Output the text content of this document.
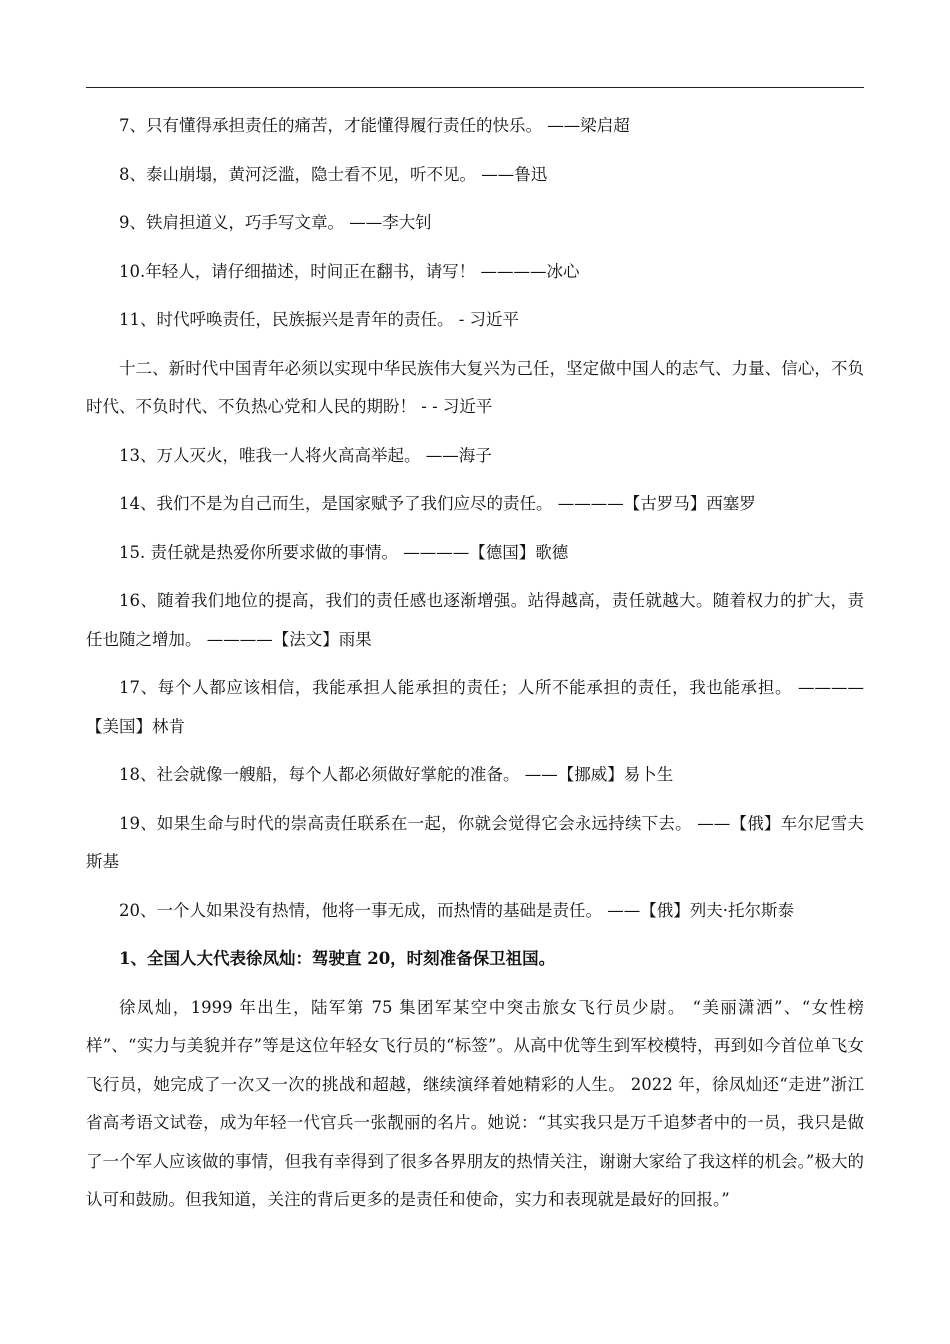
7、只有懂得承担责任的痛苦，才能懂得履行责任的快乐。 ——梁启超

8、泰山崩塌，黄河泛滥，隐士看不见，听不见。 ——鲁迅

9、铁肩担道义，巧手写文章。 ——李大钊

10.年轻人，请仔细描述，时间正在翻书，请写！ ————冰心

11、时代呼唤责任，民族振兴是青年的责任。 - 习近平

十二、新时代中国青年必须以实现中华民族伟大复兴为己任，坚定做中国人的志气、力量、信心，不负时代、不负时代、不负热心党和人民的期盼！ - - 习近平

13、万人灭火，唯我一人将火高高举起。 ——海子

14、我们不是为自己而生，是国家赋予了我们应尽的责任。 ————【古罗马】西塞罗

15. 责任就是热爱你所要求做的事情。 ————【德国】歌德

16、随着我们地位的提高，我们的责任感也逐渐增强。站得越高，责任就越大。随着权力的扩大，责任也随之增加。 ————【法文】雨果

17、每个人都应该相信，我能承担人能承担的责任；人所不能承担的责任，我也能承担。 ————【美国】林肯

18、社会就像一艘船，每个人都必须做好掌舵的准备。 ——【挪威】易卜生

19、如果生命与时代的崇高责任联系在一起，你就会觉得它会永远持续下去。 ——【俄】车尔尼雪夫斯基

20、一个人如果没有热情，他将一事无成，而热情的基础是责任。 ——【俄】列夫·托尔斯泰

1、全国人大代表徐凤灿：驾驶直 20，时刻准备保卫祖国。

徐凤灿，1999 年出生，陆军第 75 集团军某空中突击旅女飞行员少尉。 “美丽潇洒”、“女性榜样”、“实力与美貌并存”等是这位年轻女飞行员的“标签”。从高中优等生到军校模特，再到如今首位单飞女飞行员，她完成了一次又一次的挑战和超越，继续演绎着她精彩的人生。 2022 年，徐凤灿还“走进”浙江省高考语文试卷，成为年轻一代官兵一张靓丽的名片。她说：“其实我只是万千追梦者中的一员，我只是做了一个军人应该做的事情，但我有幸得到了很多各界朋友的热情关注，谢谢大家给了我这样的机会。”极大的认可和鼓励。但我知道，关注的背后更多的是责任和使命，实力和表现就是最好的回报。”
